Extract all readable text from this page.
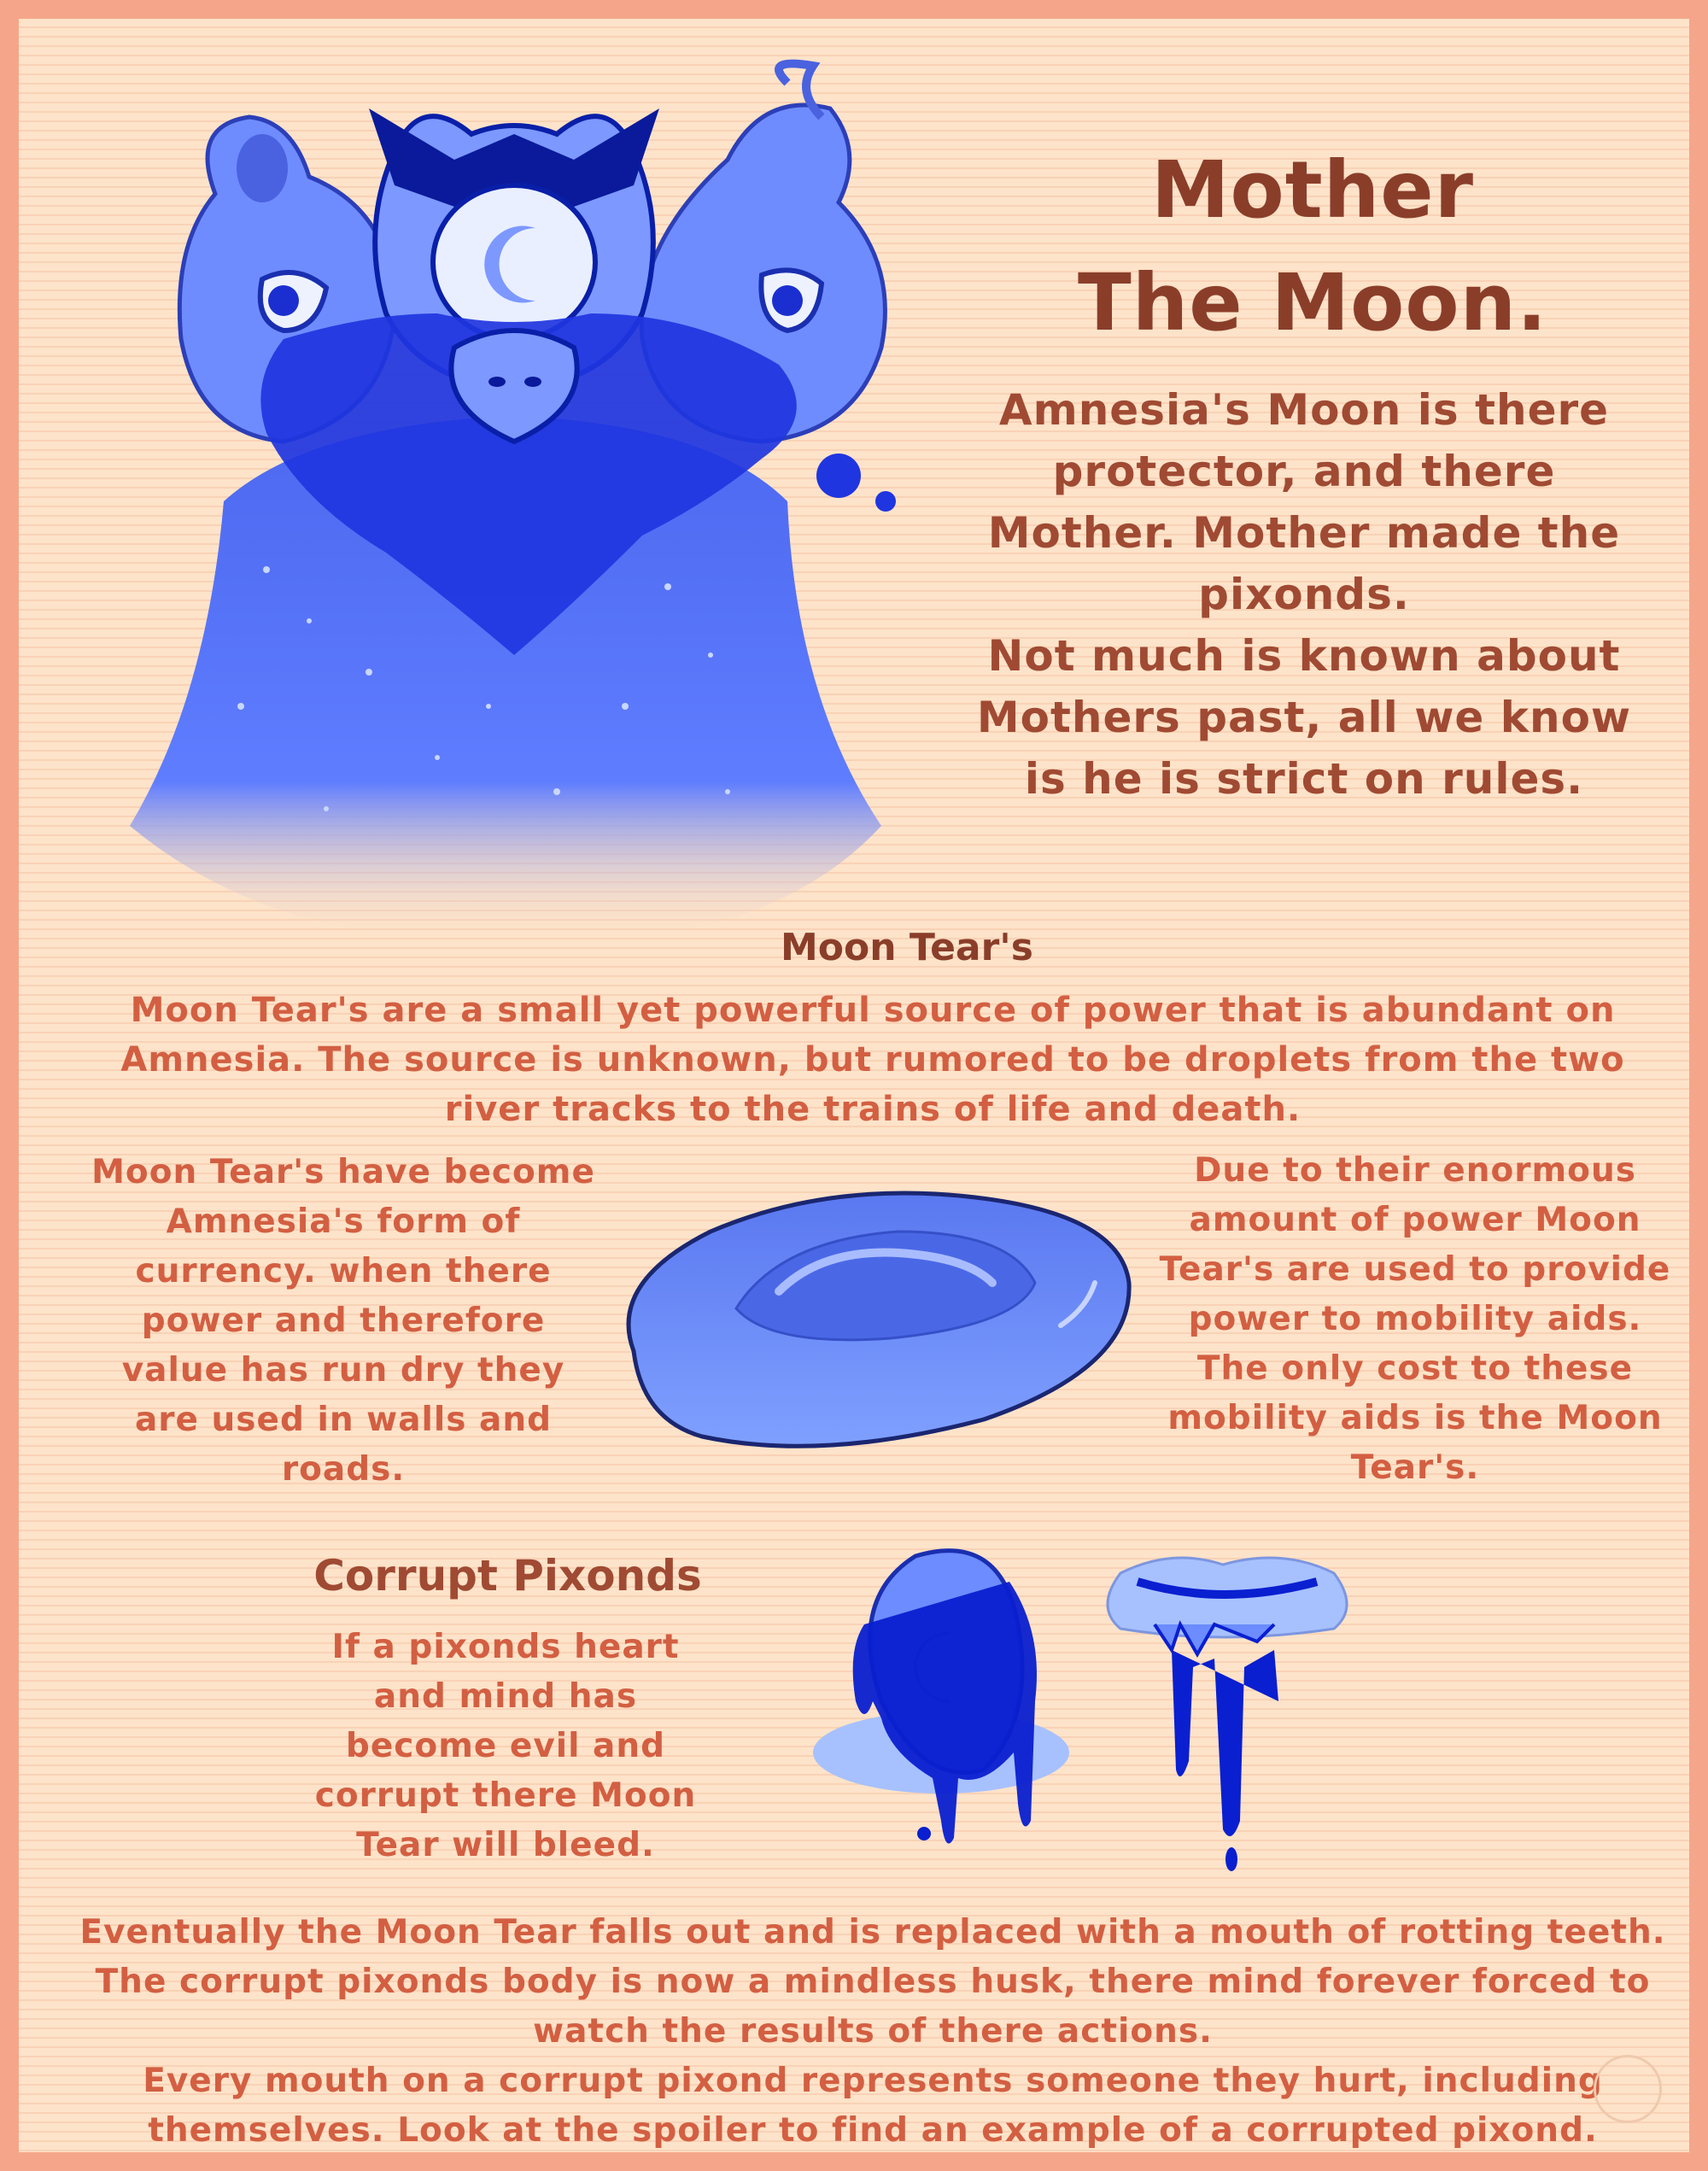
Mother
The Moon.
Amnesia's Moon is there
protector, and there
Mother. Mother made the
pixonds.
Not much is known about
Mothers past, all we know
is he is strict on rules.
Moon Tear's
Moon Tear's are a small yet powerful source of power that is abundant on
Amnesia. The source is unknown, but rumored to be droplets from the two
river tracks to the trains of life and death.
Moon Tear's have become
Amnesia's form of
currency. when there
power and therefore
value has run dry they
are used in walls and
roads.
Due to their enormous
amount of power Moon
Tear's are used to provide
power to mobility aids.
The only cost to these
mobility aids is the Moon
Tear's.
Corrupt Pixonds
If a pixonds heart
and mind has
become evil and
corrupt there Moon
Tear will bleed.
Eventually the Moon Tear falls out and is replaced with a mouth of rotting teeth.
The corrupt pixonds body is now a mindless husk, there mind forever forced to
watch the results of there actions.
Every mouth on a corrupt pixond represents someone they hurt, including
themselves. Look at the spoiler to find an example of a corrupted pixond.
